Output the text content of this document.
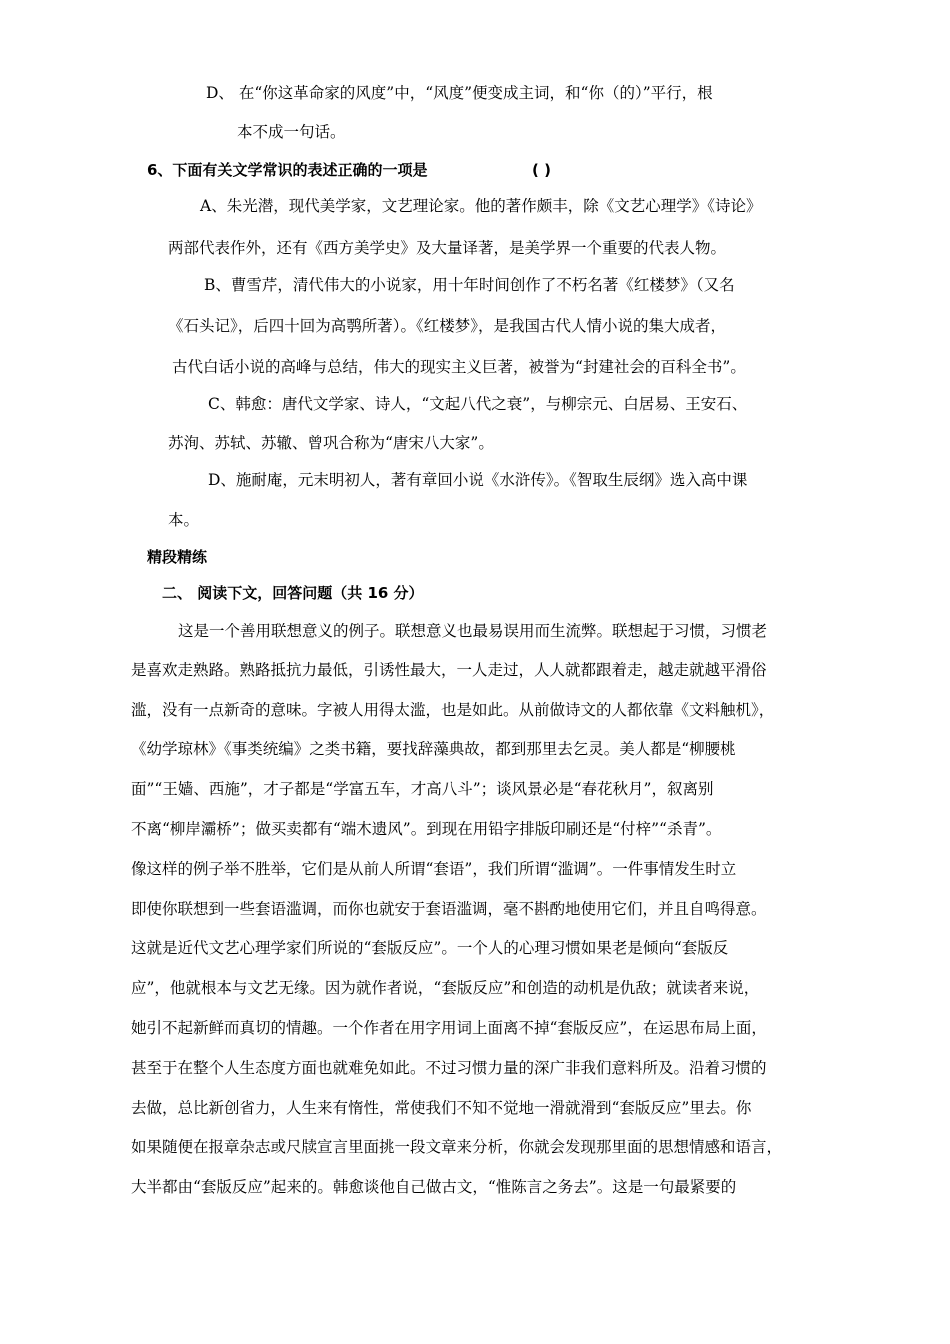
D、 在“你这革命家的风度”中，“风度”便变成主词，和“你（的）”平行，根
本不成一句话。
6、下面有关文学常识的表述正确的一项是	( )
A、朱光潜，现代美学家，文艺理论家。他的著作颇丰，除《文艺心理学》《诗论》
两部代表作外，还有《西方美学史》及大量译著，是美学界一个重要的代表人物。
B、曹雪芹，清代伟大的小说家，用十年时间创作了不朽名著《红楼梦》（又名
《石头记》，后四十回为高鹗所著）。《红楼梦》，是我国古代人情小说的集大成者，
古代白话小说的高峰与总结，伟大的现实主义巨著，被誉为“封建社会的百科全书”。
C、韩愈：唐代文学家、诗人，“文起八代之衰”，与柳宗元、白居易、王安石、
苏洵、苏轼、苏辙、曾巩合称为“唐宋八大家”。
D、施耐庵，元末明初人，著有章回小说《水浒传》。《智取生辰纲》选入高中课
本。
精段精练
二、 阅读下文，回答问题（共 16 分）
这是一个善用联想意义的例子。联想意义也最易误用而生流弊。联想起于习惯，习惯老
是喜欢走熟路。熟路抵抗力最低，引诱性最大，一人走过，人人就都跟着走，越走就越平滑俗
滥，没有一点新奇的意味。字被人用得太滥，也是如此。从前做诗文的人都依靠《文料触机》，
《幼学琼林》《事类统编》之类书籍，要找辞藻典故，都到那里去乞灵。美人都是“柳腰桃
面”“王嫱、西施”，才子都是“学富五车，才高八斗”；谈风景必是“春花秋月”，叙离别
不离“柳岸灞桥”；做买卖都有“端木遗风”。到现在用铅字排版印刷还是“付梓”“杀青”。
像这样的例子举不胜举，它们是从前人所谓“套语”，我们所谓“滥调”。一件事情发生时立
即使你联想到一些套语滥调，而你也就安于套语滥调，毫不斟酌地使用它们，并且自鸣得意。
这就是近代文艺心理学家们所说的“套版反应”。一个人的心理习惯如果老是倾向“套版反
应”，他就根本与文艺无缘。因为就作者说，“套版反应”和创造的动机是仇敌；就读者来说，
她引不起新鲜而真切的情趣。一个作者在用字用词上面离不掉“套版反应”，在运思布局上面，
甚至于在整个人生态度方面也就难免如此。不过习惯力量的深广非我们意料所及。沿着习惯的
去做，总比新创省力，人生来有惰性，常使我们不知不觉地一滑就滑到“套版反应”里去。你
如果随便在报章杂志或尺牍宣言里面挑一段文章来分析，你就会发现那里面的思想情感和语言，
大半都由“套版反应”起来的。韩愈谈他自己做古文，“惟陈言之务去”。这是一句最紧要的
